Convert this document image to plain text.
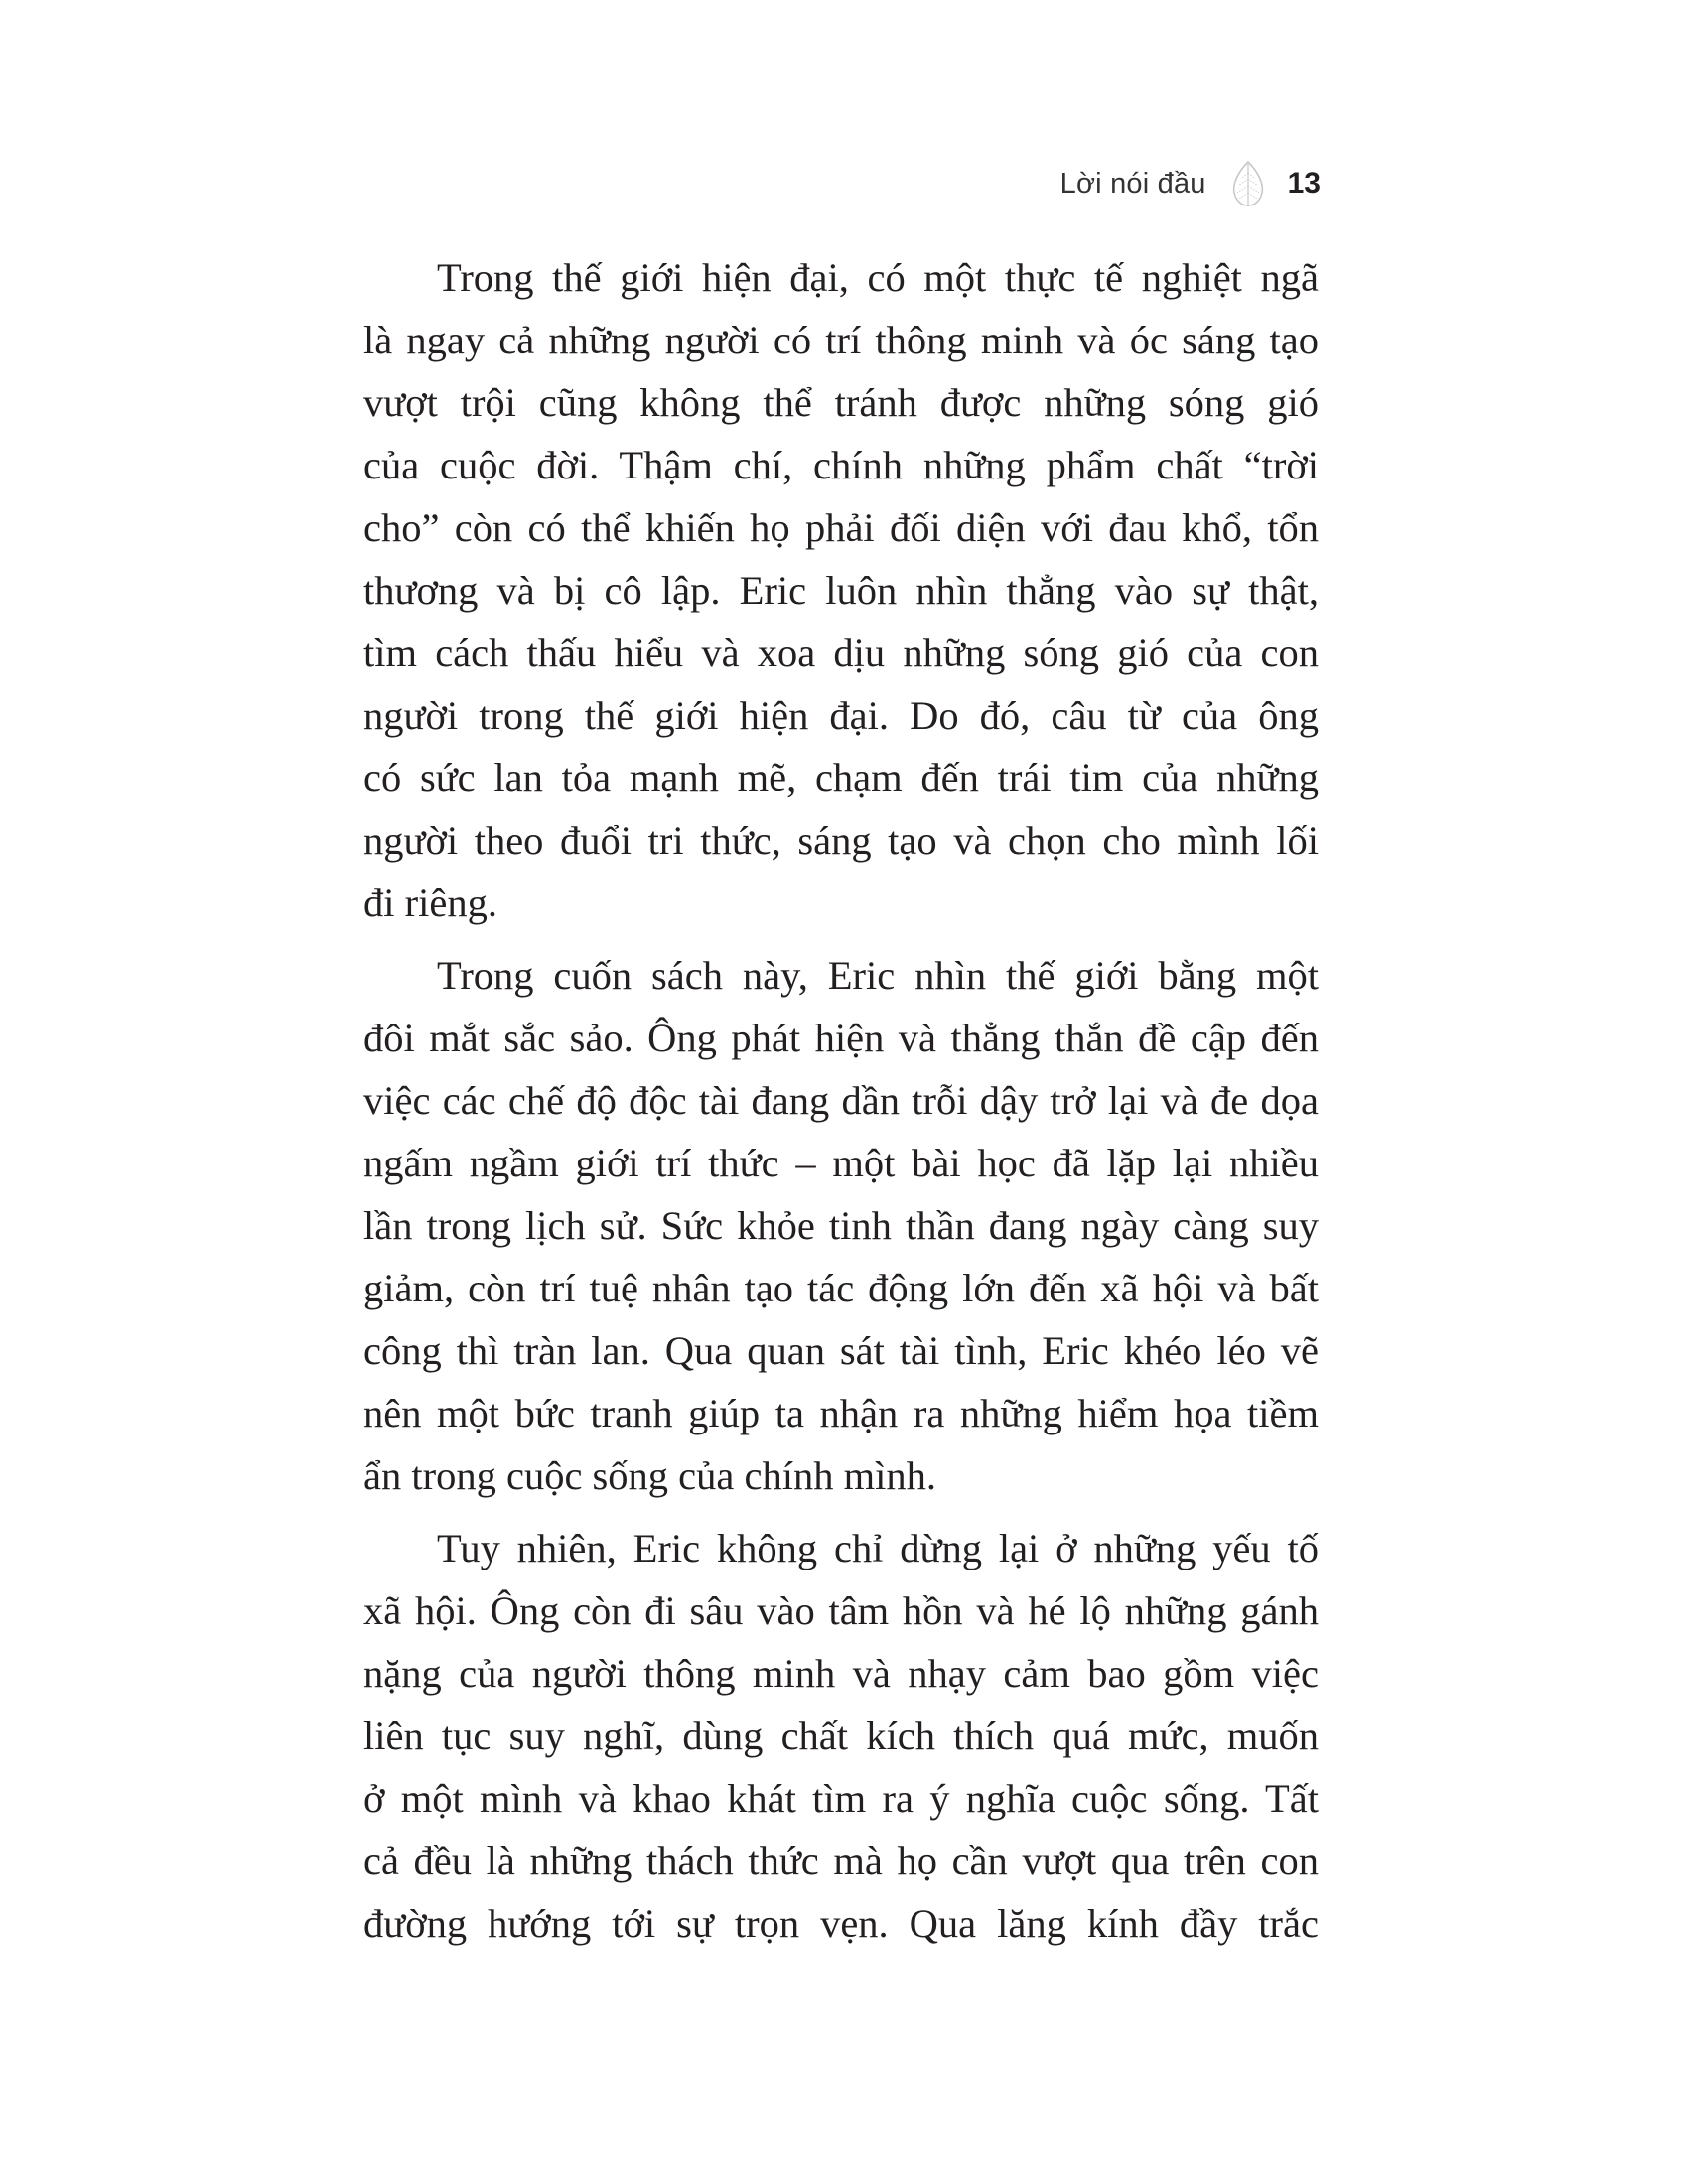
Lời nói đầu	13

Trong thế giới hiện đại, có một thực tế nghiệt ngã
là ngay cả những người có trí thông minh và óc sáng tạo
vượt trội cũng không thể tránh được những sóng gió
của cuộc đời. Thậm chí, chính những phẩm chất “trời
cho” còn có thể khiến họ phải đối diện với đau khổ, tổn
thương và bị cô lập. Eric luôn nhìn thẳng vào sự thật,
tìm cách thấu hiểu và xoa dịu những sóng gió của con
người trong thế giới hiện đại. Do đó, câu từ của ông
có sức lan tỏa mạnh mẽ, chạm đến trái tim của những
người theo đuổi tri thức, sáng tạo và chọn cho mình lối
đi riêng.

Trong cuốn sách này, Eric nhìn thế giới bằng một
đôi mắt sắc sảo. Ông phát hiện và thẳng thắn đề cập đến
việc các chế độ độc tài đang dần trỗi dậy trở lại và đe dọa
ngấm ngầm giới trí thức – một bài học đã lặp lại nhiều
lần trong lịch sử. Sức khỏe tinh thần đang ngày càng suy
giảm, còn trí tuệ nhân tạo tác động lớn đến xã hội và bất
công thì tràn lan. Qua quan sát tài tình, Eric khéo léo vẽ
nên một bức tranh giúp ta nhận ra những hiểm họa tiềm
ẩn trong cuộc sống của chính mình.

Tuy nhiên, Eric không chỉ dừng lại ở những yếu tố
xã hội. Ông còn đi sâu vào tâm hồn và hé lộ những gánh
nặng của người thông minh và nhạy cảm bao gồm việc
liên tục suy nghĩ, dùng chất kích thích quá mức, muốn
ở một mình và khao khát tìm ra ý nghĩa cuộc sống. Tất
cả đều là những thách thức mà họ cần vượt qua trên con
đường hướng tới sự trọn vẹn. Qua lăng kính đầy trắc
